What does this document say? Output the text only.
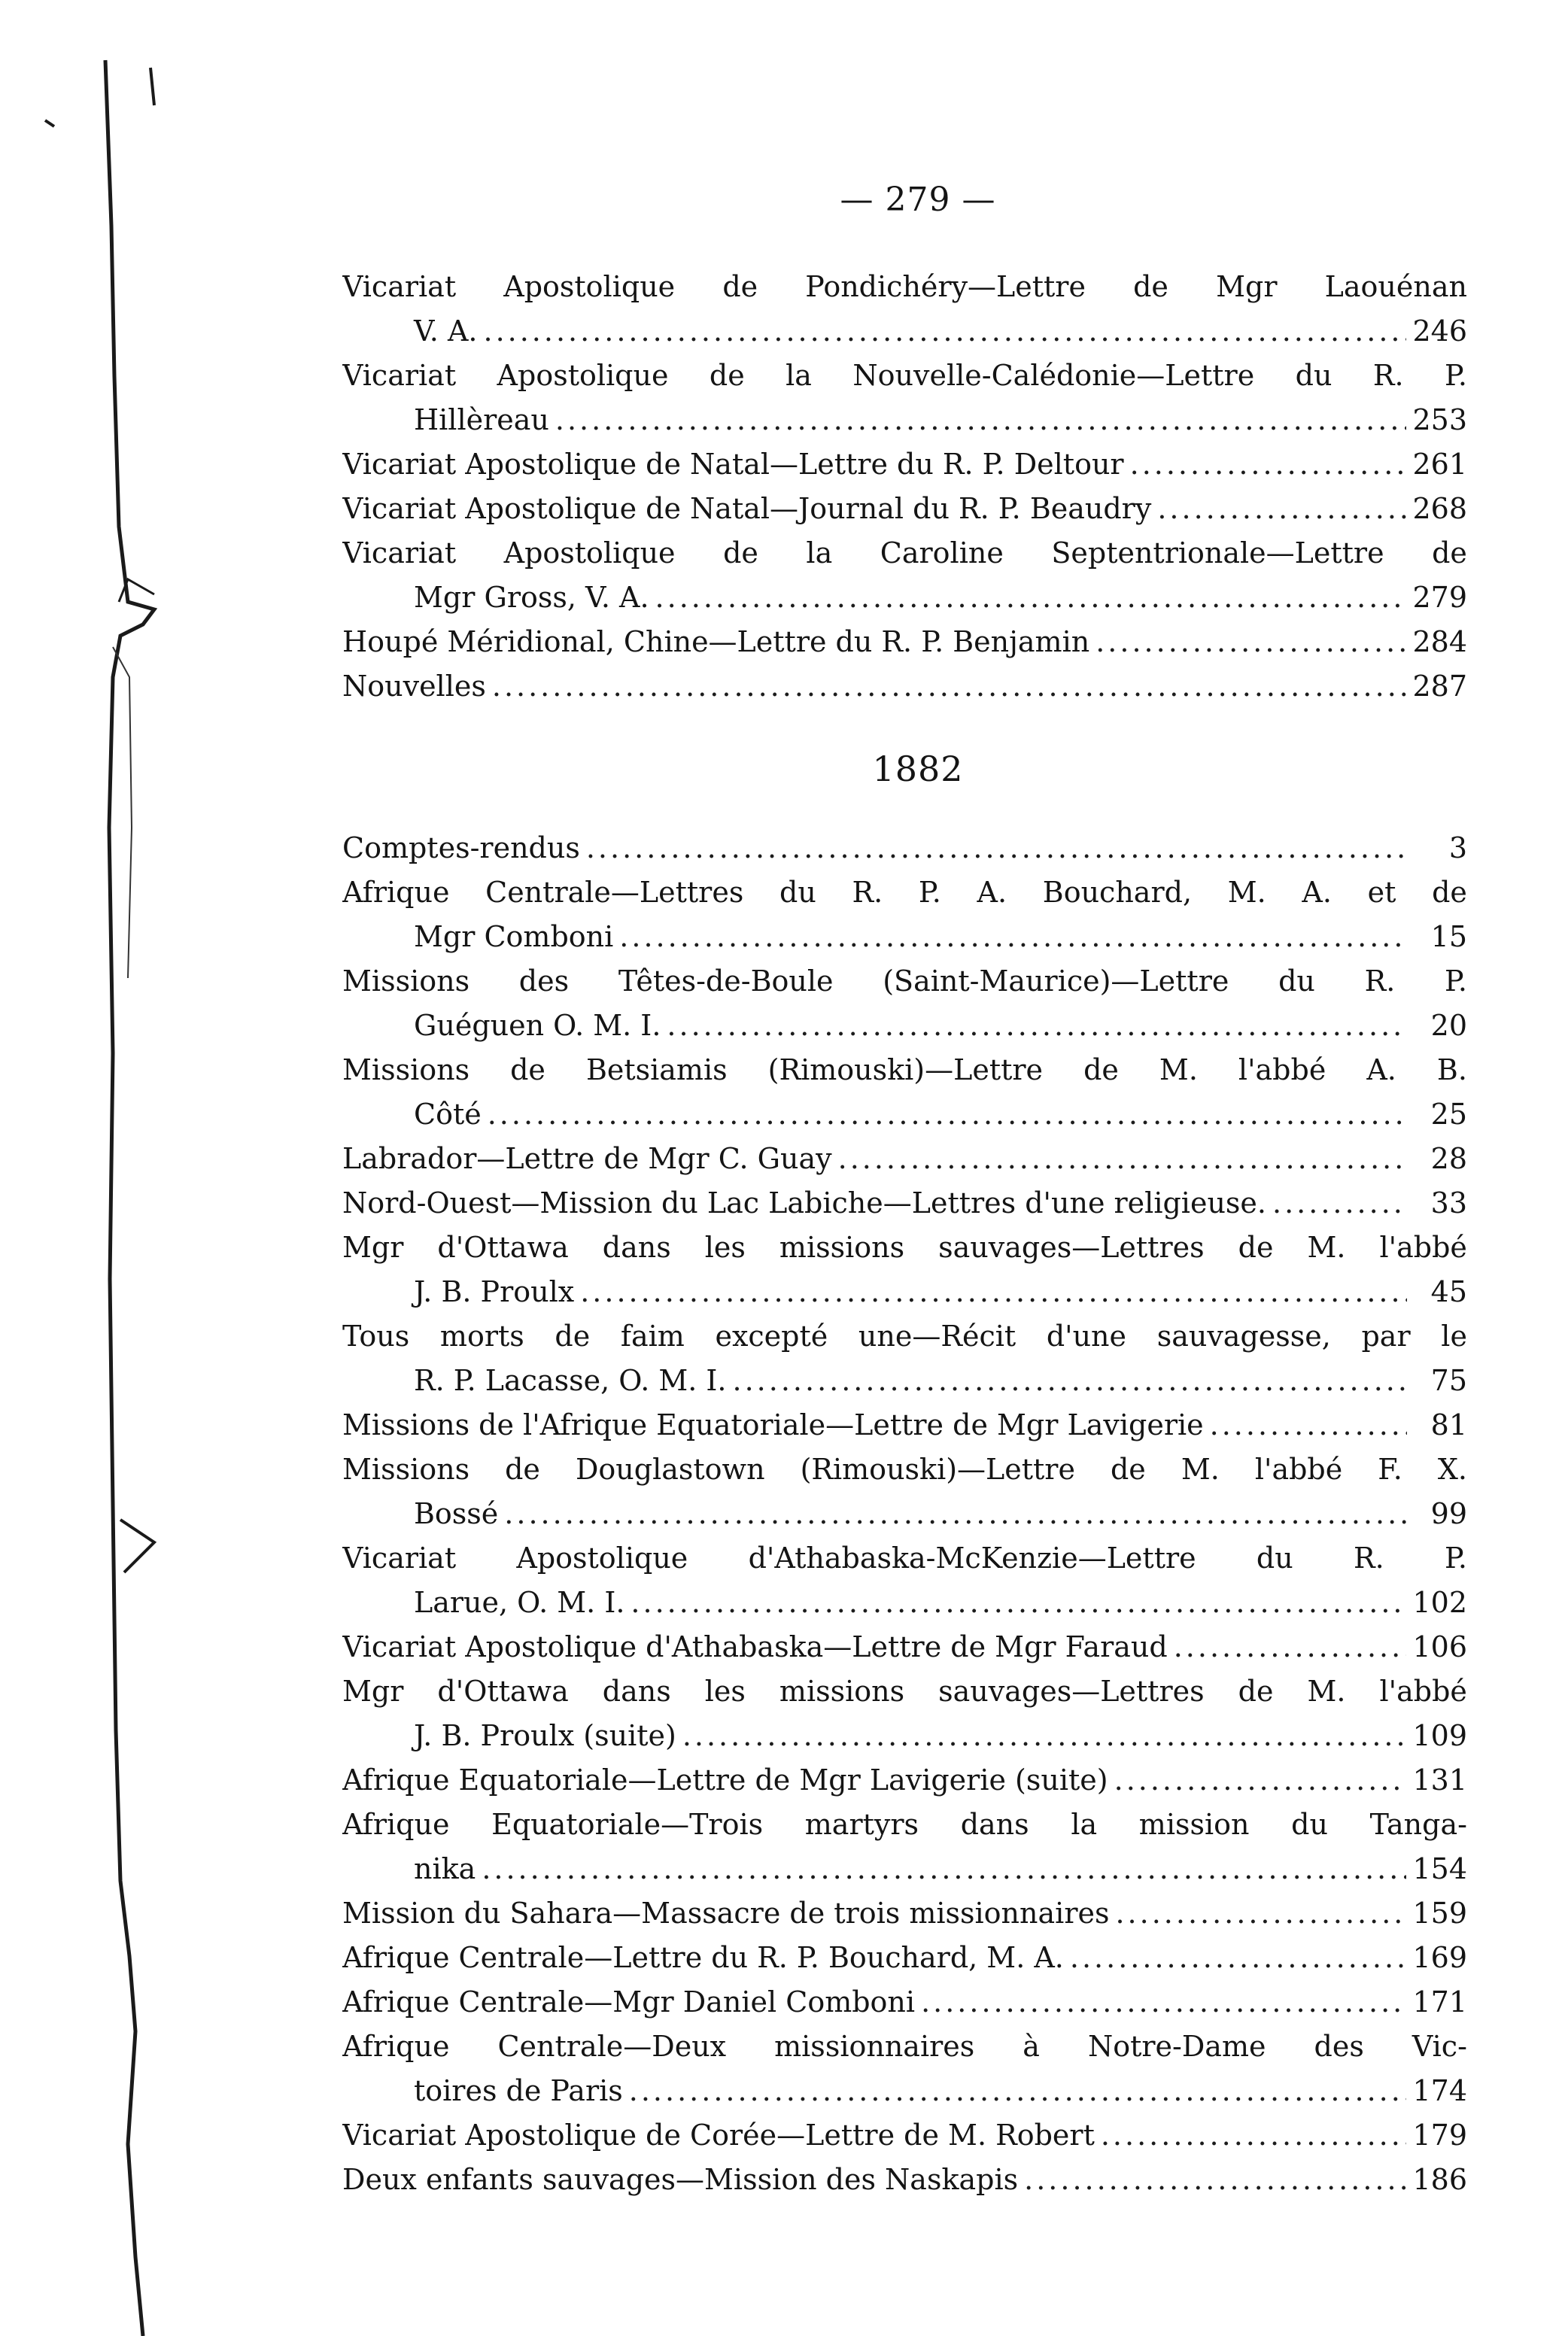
— 279 —
Vicariat Apostolique de Pondichéry—Lettre de Mgr Laouénan
V. A. .....	246
Vicariat Apostolique de la Nouvelle-Calédonie—Lettre du R. P.
Hillèreau .....	253
Vicariat Apostolique de Natal—Lettre du R. P. Deltour .....	261
Vicariat Apostolique de Natal—Journal du R. P. Beaudry .....	268
Vicariat Apostolique de la Caroline Septentrionale—Lettre de
Mgr Gross, V. A. .....	279
Houpé Méridional, Chine—Lettre du R. P. Benjamin .....	284
Nouvelles .....	287
1882
Comptes-rendus .....	3
Afrique Centrale—Lettres du R. P. A. Bouchard, M. A. et de
Mgr Comboni .....	15
Missions des Têtes-de-Boule (Saint-Maurice)—Lettre du R. P.
Guéguen O. M. I. .....	20
Missions de Betsiamis (Rimouski)—Lettre de M. l'abbé A. B.
Côté .....	25
Labrador—Lettre de Mgr C. Guay .....	28
Nord-Ouest—Mission du Lac Labiche—Lettres d'une religieuse. .....	33
Mgr d'Ottawa dans les missions sauvages—Lettres de M. l'abbé
J. B. Proulx .....	45
Tous morts de faim excepté une—Récit d'une sauvagesse, par le
R. P. Lacasse, O. M. I. .....	75
Missions de l'Afrique Equatoriale—Lettre de Mgr Lavigerie .....	81
Missions de Douglastown (Rimouski)—Lettre de M. l'abbé F. X.
Bossé .....	99
Vicariat Apostolique d'Athabaska-McKenzie—Lettre du R. P.
Larue, O. M. I. .....	102
Vicariat Apostolique d'Athabaska—Lettre de Mgr Faraud .....	106
Mgr d'Ottawa dans les missions sauvages—Lettres de M. l'abbé
J. B. Proulx (suite) .....	109
Afrique Equatoriale—Lettre de Mgr Lavigerie (suite) .....	131
Afrique Equatoriale—Trois martyrs dans la mission du Tanga-
nika .....	154
Mission du Sahara—Massacre de trois missionnaires .....	159
Afrique Centrale—Lettre du R. P. Bouchard, M. A. .....	169
Afrique Centrale—Mgr Daniel Comboni .....	171
Afrique Centrale—Deux missionnaires à Notre-Dame des Vic-
toires de Paris .....	174
Vicariat Apostolique de Corée—Lettre de M. Robert .....	179
Deux enfants sauvages—Mission des Naskapis .....	186
